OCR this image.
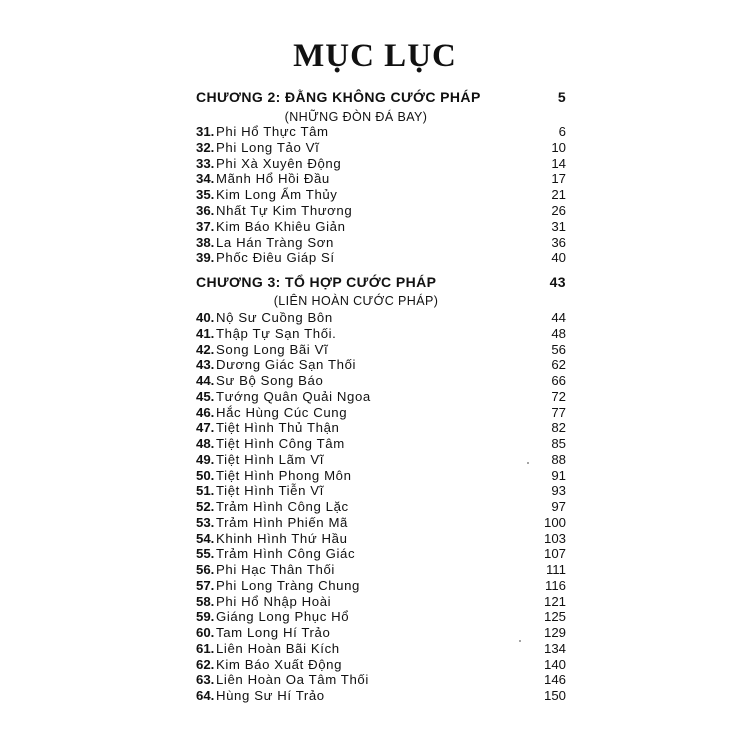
MỤC LỤC
CHƯƠNG 2: ĐẰNG KHÔNG CƯỚC PHÁP	5
(NHỮNG ĐÒN ĐÁ BAY)
31. Phi Hổ Thực Tâm	6
32. Phi Long Tảo Vĩ	10
33. Phi Xà Xuyên Động	14
34. Mãnh Hổ Hồi Đầu	17
35. Kim Long Ẩm Thủy	21
36. Nhất Tự Kim Thương	26
37. Kim Báo Khiêu Giản	31
38. La Hán Tràng Sơn	36
39. Phốc Điêu Giáp Sí	40
CHƯƠNG 3: TỔ HỢP CƯỚC PHÁP	43
(LIÊN HOÀN CƯỚC PHÁP)
40. Nộ Sư Cuồng Bôn	44
41. Thập Tự Sạn Thối.	48
42. Song Long Bãi Vĩ	56
43. Dương Giác Sạn Thối	62
44. Sư Bộ Song Báo	66
45. Tướng Quân Quải Ngoa	72
46. Hắc Hùng Cúc Cung	77
47. Tiệt Hình Thủ Thận	82
48. Tiệt Hình Công Tâm	85
49. Tiệt Hình Lãm Vĩ	88
50. Tiệt Hình Phong Môn	91
51. Tiệt Hình Tiễn Vĩ	93
52. Trảm Hình Công Lặc	97
53. Trảm Hình Phiến Mã	100
54. Khinh Hình Thứ Hầu	103
55. Trảm Hình Công Giác	107
56. Phi Hạc Thân Thối	111
57. Phi Long Tràng Chung	116
58. Phi Hổ Nhập Hoài	121
59. Giáng Long Phục Hổ	125
60. Tam Long Hí Trảo	129
61. Liên Hoàn Bãi Kích	134
62. Kim Báo Xuất Động	140
63. Liên Hoàn Oa Tâm Thối	146
64. Hùng Sư Hí Trảo	150
